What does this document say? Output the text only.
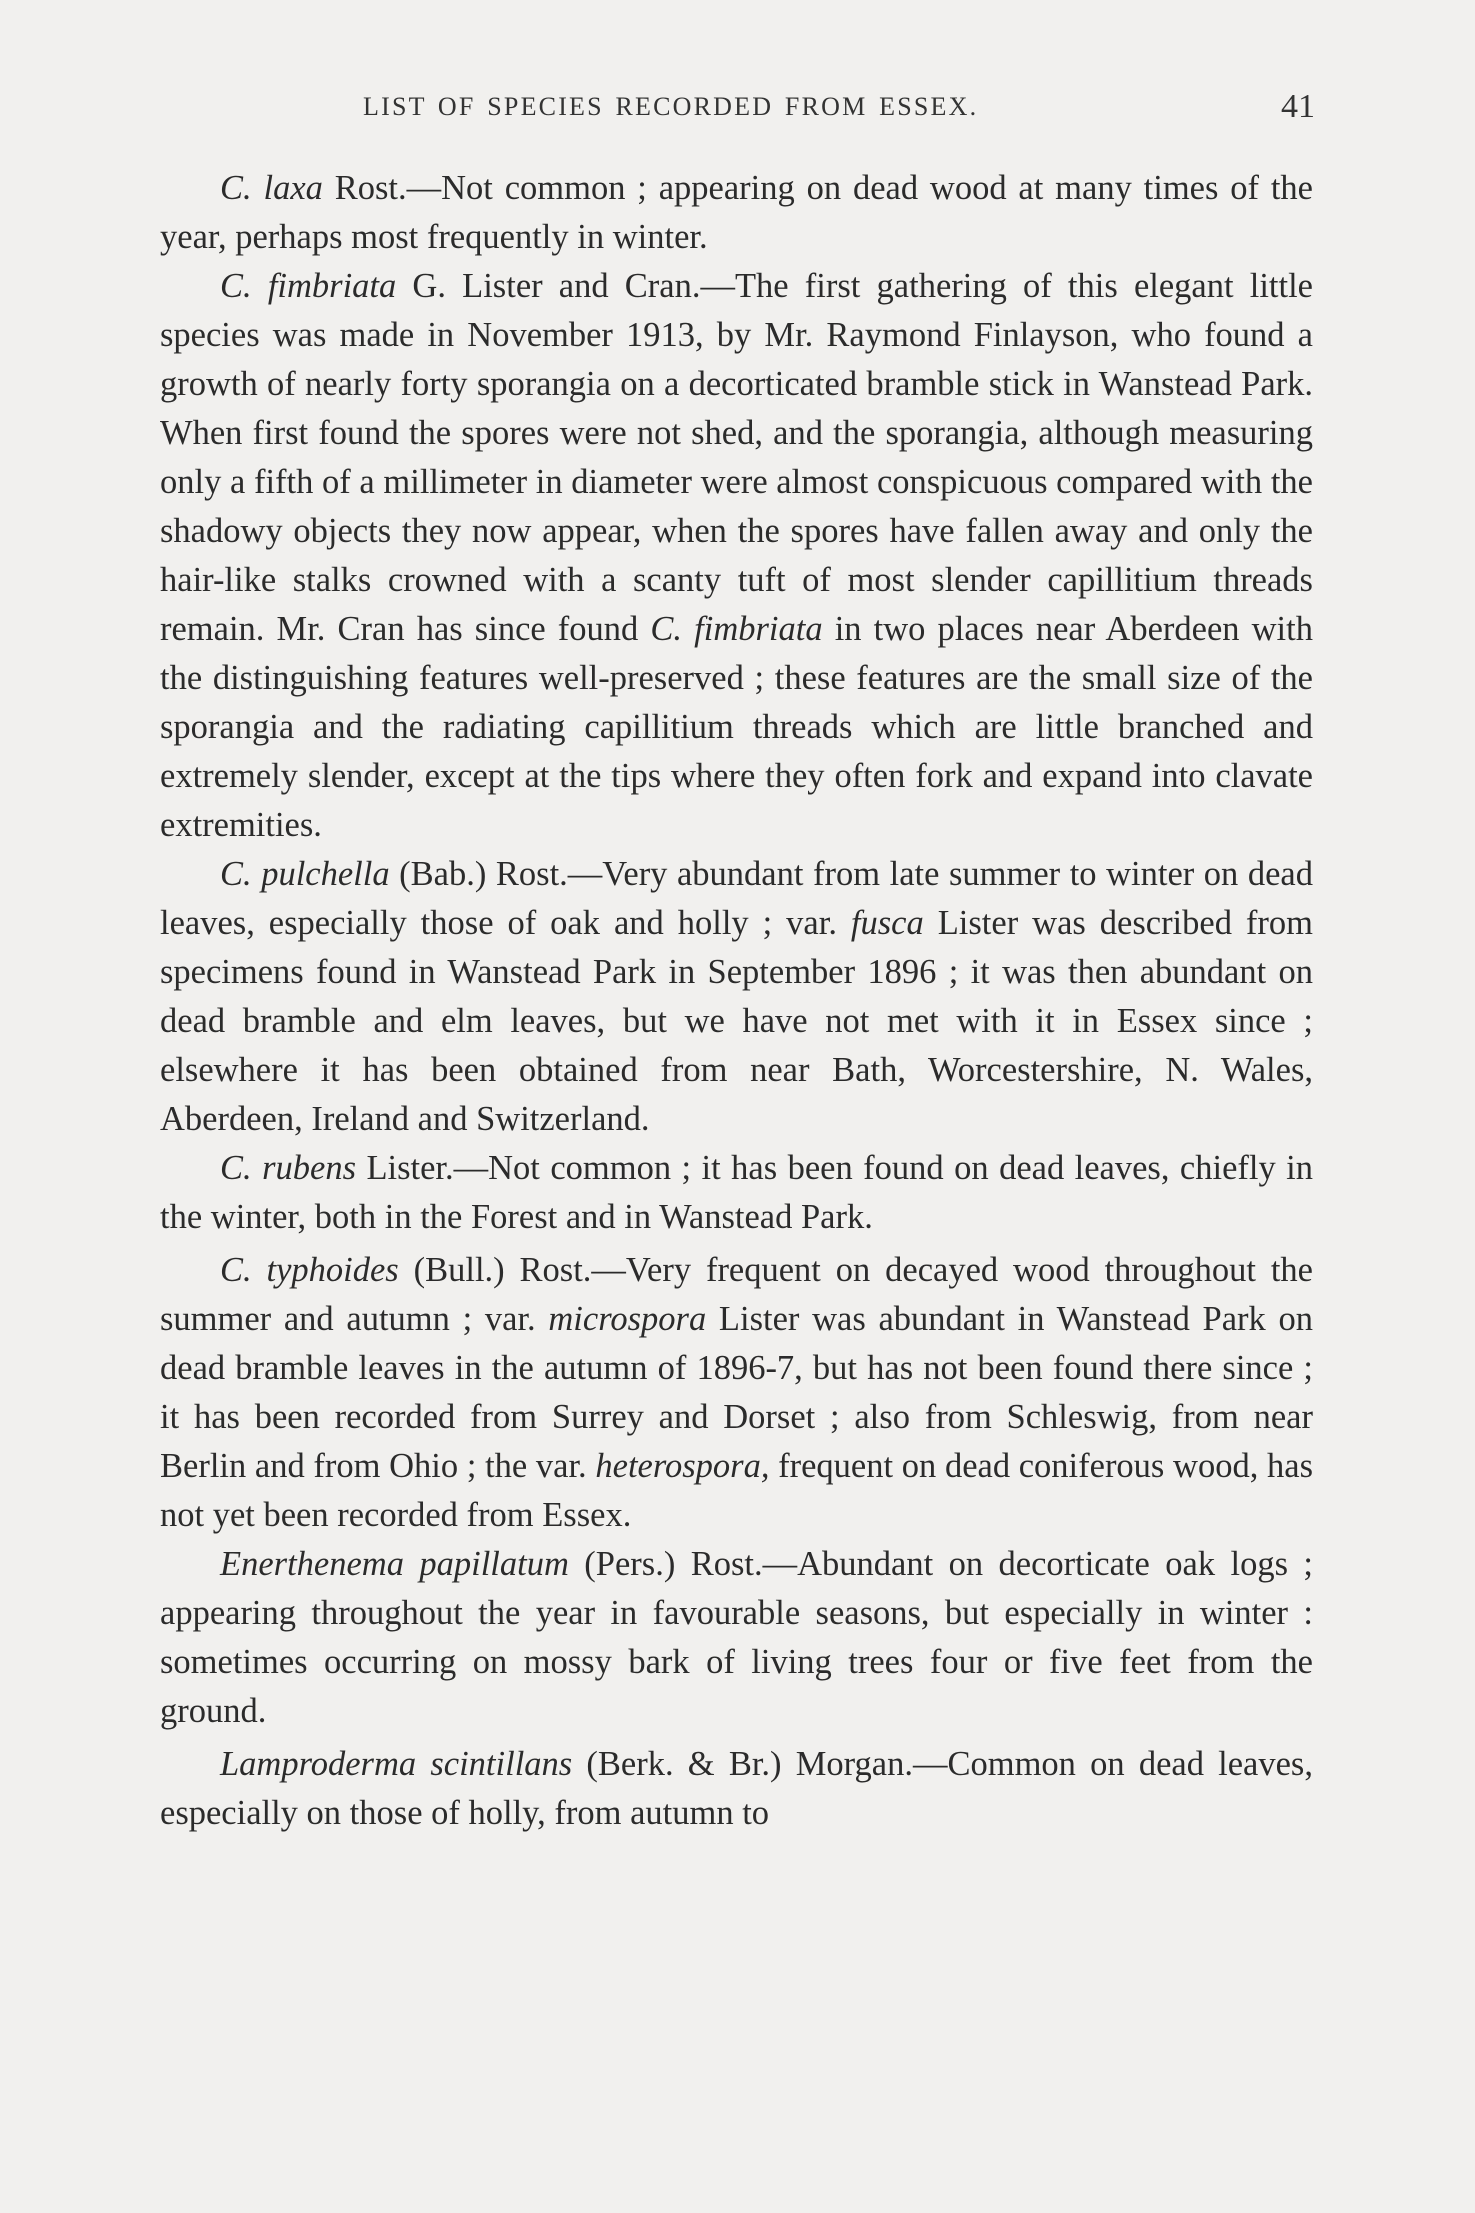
LIST OF SPECIES RECORDED FROM ESSEX.	41

C. laxa Rost.—Not common ; appearing on dead wood at many times of the year, perhaps most frequently in winter.

C. fimbriata G. Lister and Cran.—The first gathering of this elegant little species was made in November 1913, by Mr. Raymond Finlayson, who found a growth of nearly forty sporangia on a decorticated bramble stick in Wanstead Park. When first found the spores were not shed, and the sporangia, although measuring only a fifth of a millimeter in diameter were almost conspicuous compared with the shadowy objects they now appear, when the spores have fallen away and only the hair-like stalks crowned with a scanty tuft of most slender capillitium threads remain. Mr. Cran has since found C. fimbriata in two places near Aberdeen with the distinguishing features well-preserved ; these features are the small size of the sporangia and the radiating capillitium threads which are little branched and extremely slender, except at the tips where they often fork and expand into clavate extremities.

C. pulchella (Bab.) Rost.—Very abundant from late summer to winter on dead leaves, especially those of oak and holly ; var. fusca Lister was described from specimens found in Wanstead Park in September 1896 ; it was then abundant on dead bramble and elm leaves, but we have not met with it in Essex since ; elsewhere it has been obtained from near Bath, Worcestershire, N. Wales, Aberdeen, Ireland and Switzerland.

C. rubens Lister.—Not common ; it has been found on dead leaves, chiefly in the winter, both in the Forest and in Wanstead Park.

C. typhoides (Bull.) Rost.—Very frequent on decayed wood throughout the summer and autumn ; var. microspora Lister was abundant in Wanstead Park on dead bramble leaves in the autumn of 1896-7, but has not been found there since ; it has been recorded from Surrey and Dorset ; also from Schleswig, from near Berlin and from Ohio ; the var. heterospora, frequent on dead coniferous wood, has not yet been recorded from Essex.

Enerthenema papillatum (Pers.) Rost.—Abundant on decorticate oak logs ; appearing throughout the year in favourable seasons, but especially in winter : sometimes occurring on mossy bark of living trees four or five feet from the ground.

Lamproderma scintillans (Berk. & Br.) Morgan.—Common on dead leaves, especially on those of holly, from autumn to
